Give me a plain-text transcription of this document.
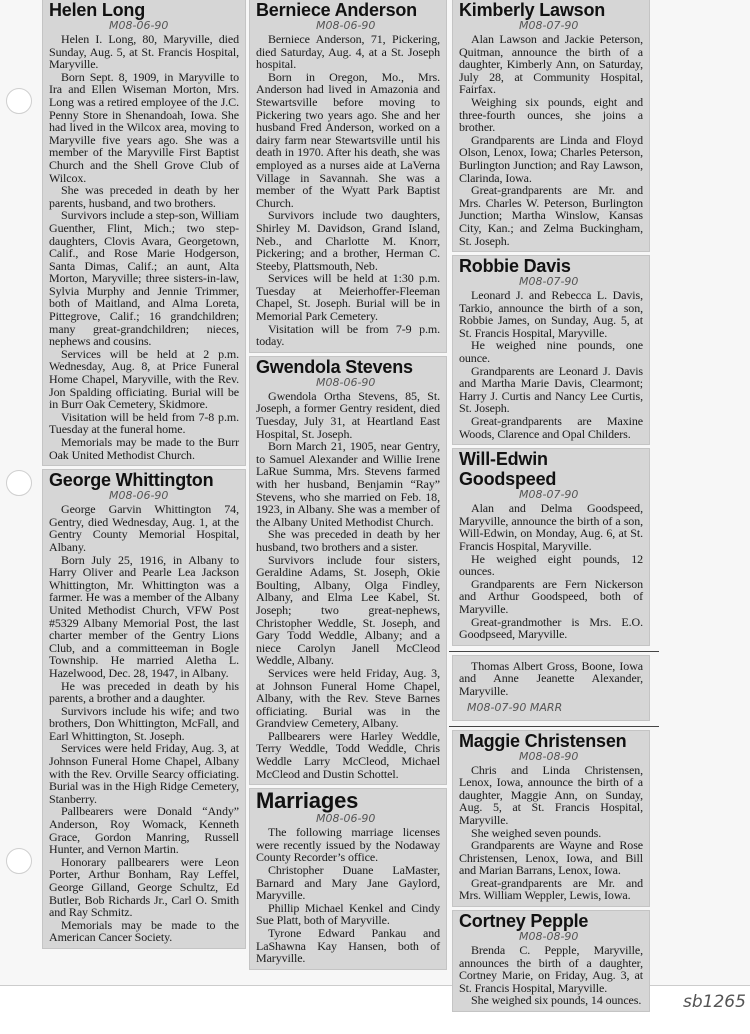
Helen Long
M08-06-90

Helen I. Long, 80, Maryville, died Sunday, Aug. 5, at St. Francis Hospital, Maryville.

Born Sept. 8, 1909, in Maryville to Ira and Ellen Wiseman Morton, Mrs. Long was a retired employee of the J.C. Penny Store in Shenandoah, Iowa. She had lived in the Wilcox area, moving to Maryville five years ago. She was a member of the Maryville First Baptist Church and the Shell Grove Club of Wilcox.

She was preceded in death by her parents, husband, and two brothers.

Survivors include a step-son, William Guenther, Flint, Mich.; two step-daughters, Clovis Avara, Georgetown, Calif., and Rose Marie Hodgerson, Santa Dimas, Calif.; an aunt, Alta Morton, Maryville; three sisters-in-law, Sylvia Murphy and Jennie Trimmer, both of Maitland, and Alma Loreta, Pittegrove, Calif.; 16 grandchildren; many great-grandchildren; nieces, nephews and cousins.

Services will be held at 2 p.m. Wednesday, Aug. 8, at Price Funeral Home Chapel, Maryville, with the Rev. Jon Spalding officiating. Burial will be in Burr Oak Cemetery, Skidmore.

Visitation will be held from 7-8 p.m. Tuesday at the funeral home.

Memorials may be made to the Burr Oak United Methodist Church.

George Whittington
M08-06-90

George Garvin Whittington 74, Gentry, died Wednesday, Aug. 1, at the Gentry County Memorial Hospital, Albany.

Born July 25, 1916, in Albany to Harry Oliver and Pearle Lea Jackson Whittington, Mr. Whittington was a farmer. He was a member of the Albany United Methodist Church, VFW Post #5329 Albany Memorial Post, the last charter member of the Gentry Lions Club, and a committeeman in Bogle Township. He married Aletha L. Hazelwood, Dec. 28, 1947, in Albany.

He was preceded in death by his parents, a brother and a daughter.

Survivors include his wife; and two brothers, Don Whittington, McFall, and Earl Whittington, St. Joseph.

Services were held Friday, Aug. 3, at Johnson Funeral Home Chapel, Albany with the Rev. Orville Searcy officiating. Burial was in the High Ridge Cemetery, Stanberry.

Pallbearers were Donald “Andy” Anderson, Roy Womack, Kenneth Grace, Gordon Manring, Russell Hunter, and Vernon Martin.

Honorary pallbearers were Leon Porter, Arthur Bonham, Ray Leffel, George Gilland, George Schultz, Ed Butler, Bob Richards Jr., Carl O. Smith and Ray Schmitz.

Memorials may be made to the American Cancer Society.

Berniece Anderson
M08-06-90

Berniece Anderson, 71, Pickering, died Saturday, Aug. 4, at a St. Joseph hospital.

Born in Oregon, Mo., Mrs. Anderson had lived in Amazonia and Stewartsville before moving to Pickering two years ago. She and her husband Fred Anderson, worked on a dairy farm near Stewartsville until his death in 1970. After his death, she was employed as a nurses aide at LaVerna Village in Savannah. She was a member of the Wyatt Park Baptist Church.

Survivors include two daughters, Shirley M. Davidson, Grand Island, Neb., and Charlotte M. Knorr, Pickering; and a brother, Herman C. Steeby, Plattsmouth, Neb.

Services will be held at 1:30 p.m. Tuesday at Meierhoffer-Fleeman Chapel, St. Joseph. Burial will be in Memorial Park Cemetery.

Visitation will be from 7-9 p.m. today.

Gwendola Stevens
M08-06-90

Gwendola Ortha Stevens, 85, St. Joseph, a former Gentry resident, died Tuesday, July 31, at Heartland East Hospital, St. Joseph.

Born March 21, 1905, near Gentry, to Samuel Alexander and Willie Irene LaRue Summa, Mrs. Stevens farmed with her husband, Benjamin “Ray” Stevens, who she married on Feb. 18, 1923, in Albany. She was a member of the Albany United Methodist Church.

She was preceded in death by her husband, two brothers and a sister.

Survivors include four sisters, Geraldine Adams, St. Joseph, Okie Boulting, Albany, Olga Findley, Albany, and Elma Lee Kabel, St. Joseph; two great-nephews, Christopher Weddle, St. Joseph, and Gary Todd Weddle, Albany; and a niece Carolyn Janell McCleod Weddle, Albany.

Services were held Friday, Aug. 3, at Johnson Funeral Home Chapel, Albany, with the Rev. Steve Barnes officiating. Burial was in the Grandview Cemetery, Albany.

Pallbearers were Harley Weddle, Terry Weddle, Todd Weddle, Chris Weddle Larry McCleod, Michael McCleod and Dustin Schottel.

Marriages
M08-06-90

The following marriage licenses were recently issued by the Nodaway County Recorder’s office.

Christopher Duane LaMaster, Barnard and Mary Jane Gaylord, Maryville.

Phillip Michael Kenkel and Cindy Sue Platt, both of Maryville.

Tyrone Edward Pankau and LaShawna Kay Hansen, both of Maryville.

Kimberly Lawson
M08-07-90

Alan Lawson and Jackie Peterson, Quitman, announce the birth of a daughter, Kimberly Ann, on Saturday, July 28, at Community Hospital, Fairfax.

Weighing six pounds, eight and three-fourth ounces, she joins a brother.

Grandparents are Linda and Floyd Olson, Lenox, Iowa; Charles Peterson, Burlington Junction; and Ray Lawson, Clarinda, Iowa.

Great-grandparents are Mr. and Mrs. Charles W. Peterson, Burlington Junction; Martha Winslow, Kansas City, Kan.; and Zelma Buckingham, St. Joseph.

Robbie Davis
M08-07-90

Leonard J. and Rebecca L. Davis, Tarkio, announce the birth of a son, Robbie James, on Sunday, Aug. 5, at St. Francis Hospital, Maryville.

He weighed nine pounds, one ounce.

Grandparents are Leonard J. Davis and Martha Marie Davis, Clearmont; Harry J. Curtis and Nancy Lee Curtis, St. Joseph.

Great-grandparents are Maxine Woods, Clarence and Opal Childers.

Will-Edwin Goodspeed
M08-07-90

Alan and Delma Goodspeed, Maryville, announce the birth of a son, Will-Edwin, on Monday, Aug. 6, at St. Francis Hospital, Maryville.

He weighed eight pounds, 12 ounces.

Grandparents are Fern Nickerson and Arthur Goodspeed, both of Maryville.

Great-grandmother is Mrs. E.O. Goodpseed, Maryville.

Thomas Albert Gross, Boone, Iowa and Anne Jeanette Alexander, Maryville.

M08-07-90 MARR
Maggie Christensen
M08-08-90

Chris and Linda Christensen, Lenox, Iowa, announce the birth of a daughter, Maggie Ann, on Sunday, Aug. 5, at St. Francis Hospital, Maryville.

She weighed seven pounds.

Grandparents are Wayne and Rose Christensen, Lenox, Iowa, and Bill and Marian Barrans, Lenox, Iowa.

Great-grandparents are Mr. and Mrs. William Weppler, Lewis, Iowa.

Cortney Pepple
M08-08-90

Brenda C. Pepple, Maryville, announces the birth of a daughter, Cortney Marie, on Friday, Aug. 3, at St. Francis Hospital, Maryville.

She weighed six pounds, 14 ounces. sb1265
